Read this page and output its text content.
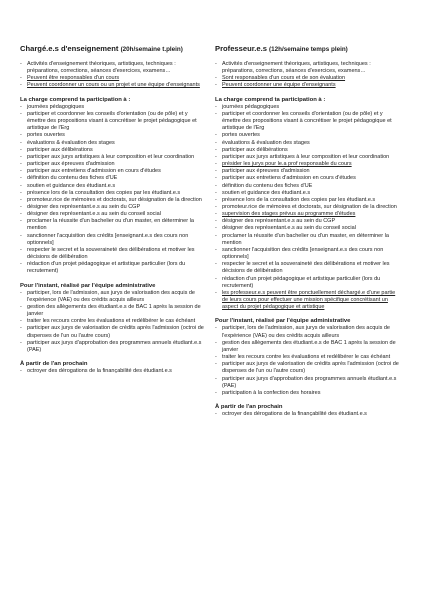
Chargé.e.s d'enseignement (20h/semaine t.plein)
- Activités d'enseignement théoriques, artistiques, techniques : préparations, corrections, séances d'exercices, examens…
- Peuvent être responsables d'un cours
- Peuvent coordonner un cours ou un projet et une équipe d'enseignants

La charge comprend ta participation à :

- journées pédagogiques
- participer et coordonner les conseils d'orientation (ou de pôle) et y émettre des propositions visant à concrétiser le projet pédagogique et artistique de l'Erg
- portes ouvertes
- évaluations & évaluation des stages
- participer aux délibérations
- participer aux jurys artistiques à leur composition et leur coordination
- participer aux épreuves d'admission
- participer aux entretiens d'admission en cours d'études
- définition du contenu des fiches d'UE
- soutien et guidance des étudiant.e.s
- présence lors de la consultation des copies par les étudiant.e.s
- promoteur.rice de mémoires et doctorats, sur désignation de la direction
- désigner des représentant.e.s au sein du CGP
- désigner des représentant.e.s au sein du conseil social
- proclamer la réussite d'un bachelier ou d'un master, en déterminer la mention
- sanctionner l'acquisition des crédits [enseignant.e.s des cours non optionnels]
- respecter le secret et la souveraineté des délibérations et motiver les décisions de délibération
- rédaction d'un projet pédagogique et artistique particulier (lors du recrutement)

Pour l'instant, réalisé par l'équipe administrative

- participer, lors de l'admission, aux jurys de valorisation des acquis de l'expérience (VAE) ou des crédits acquis ailleurs
- gestion des allègements des étudiant.e.s de BAC 1 après la session de janvier
- traiter les recours contre les évaluations et redélibérer le cas échéant
- participer aux jurys de valorisation de crédits après l'admission (octroi de dispenses de l'un ou l'autre cours)
- participer aux jurys d'approbation des programmes annuels étudiant.e.s (PAE)

À partir de l'an prochain

- octroyer des dérogations de la finançabilité des étudiant.e.s
Professeur.e.s (12h/semaine temps plein)
- Activités d'enseignement théoriques, artistiques, techniques : préparations, corrections, séances d'exercices, examens…
- Sont responsables d'un cours et de son évaluation
- Peuvent coordonner une équipe d'enseignants

La charge comprend ta participation à :

- journées pédagogiques
- participer et coordonner les conseils d'orientation (ou de pôle) et y émettre des propositions visant à concrétiser le projet pédagogique et artistique de l'Erg
- portes ouvertes
- évaluations & évaluation des stages
- participer aux délibérations
- participer aux jurys artistiques à leur composition et leur coordination
- présider les jurys pour le.a prof responsable du cours
- participer aux épreuves d'admission
- participer aux entretiens d'admission en cours d'études
- définition du contenu des fiches d'UE
- soutien et guidance des étudiant.e.s
- présence lors de la consultation des copies par les étudiant.e.s
- promoteur.rice de mémoires et doctorats, sur désignation de la direction
- supervision des stages prévus au programme d'études
- désigner des représentant.e.s au sein du CGP
- désigner des représentant.e.s au sein du conseil social
- proclamer la réussite d'un bachelier ou d'un master, en déterminer la mention
- sanctionner l'acquisition des crédits [enseignant.e.s des cours non optionnels]
- respecter le secret et la souveraineté des délibérations et motiver les décisions de délibération
- rédaction d'un projet pédagogique et artistique particulier (lors du recrutement)
- les professeur.e.s peuvent être ponctuellement déchargé.e d'une partie de leurs cours pour effectuer une mission spécifique concrétisant un aspect du projet pédagogique et artistique

Pour l'instant, réalisé par l'équipe administrative

- participer, lors de l'admission, aux jurys de valorisation des acquis de l'expérience (VAE) ou des crédits acquis ailleurs
- gestion des allègements des étudiant.e.s de BAC 1 après la session de janvier
- traiter les recours contre les évaluations et redélibérer le cas échéant
- participer aux jurys de valorisation de crédits après l'admission (octroi de dispenses de l'un ou l'autre cours)
- participer aux jurys d'approbation des programmes annuels étudiant.e.s (PAE)
- participation à la confection des horaires

À partir de l'an prochain

- octroyer des dérogations de la finançabilité des étudiant.e.s
